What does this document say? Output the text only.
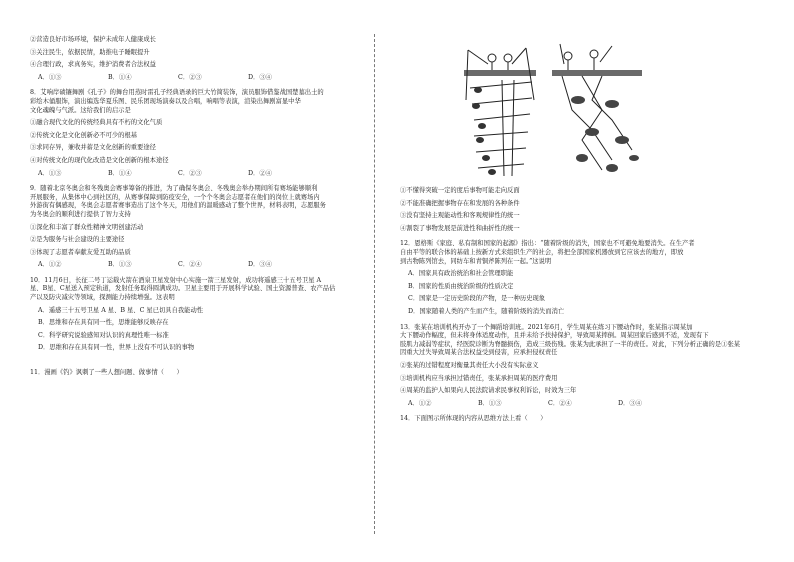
②营造良好市场环境，保护未成年人健康成长

③关注民生，依据民情，助推电子睡眠提升

④合理行政，求真务实，维护消费者合法权益

A．①③	B．①④	C．②③	D．③④

8．艾响岸碛镶舞剧《孔子》的舞台用蒸时雷孔子经典语录的巨大竹简装饰，演员服饰借鉴战国楚墓出土的

彩绘木俑服饰，演出编选华夏乐图、民乐团现场演奏以及合唱，响唱等表演，渲染出舞剧富显中华

文化魂魄与气派。这给我们的启示是

①融合现代文化的传统经典具有不朽的文化气质

②传统文化是文化创新必不可少的根基

③求同存异，兼收并蓄是文化创新的重要途径

④对传统文化的现代化改造是文化创新的根本途径

A．①③	B．①④	C．②③	D．②④

9．随着北京冬奥会和冬残奥会赛事筹备的推进，为了确保冬奥会、冬残奥会举办期间所有赛场能够顺利

开展服务，从集体中心到社区的，从赛事保障到防疫安全，一个个冬奥会志愿者在他们的岗位上就赛场内

外游街有偶感现，冬奥会志愿者赛事造出了这个冬天，用他们的温暖感动了整个世界，材料表明，志愿服务

为冬奥会的顺利进行提供了智力支持

①深化和丰富了群众性精神文明创建活动

②是为服务与社会建设的主要途径

③体现了志愿者奉献友爱互助的品质

A．①②	B．①③	C．②④	D．③④

10．11月6日，长征二号丁运载火箭在酒泉卫星发射中心实施一箭三星发射，成功将遥感三十五号卫星 A

星、B星、C星送入预定轨道，发射任务取得圆满成功。卫星主要用于开展科学试验、国土资源普查、农产品估

产以及防灾减灾等领域，探测能力持续增强。这表明

A．遥感三十五号卫星 A 星、B 星、C 星已切具自我能动性

B．思维和存在具有同一性，思维能够反映存在

C．科学研究说验感知对认识的真理性唯一标准

D．思维和存在具有同一性，世界上没有不可认识的事物

11．漫画《钓》讽刺了一些人想问题、做事情（　　）

①不懂得突破一定的度后事物可能走向反面

②不能准确把握事物存在和发展的各种条件

③没有坚持主观能动性和客观规律性的统一

④割裂了事物发展是前进性和曲折性的统一

12．恩格斯《家庭、私有制和国家的起源》指出：“随着阶级的消失，国家也不可避免地要消失。在生产者

自由平等的联合体的基础上按新方式来组织生产的社会，将把全部国家机器放到它应该去的地方，即放

到古物陈列馆去，同纺车和青铜斧陈列在一起。”这说明

A．国家具有政治统治和社会管理职能

B．国家的性质由统治阶级的性质决定

C．国家是一定历史阶段的产物，是一种历史现象

D．国家随着人类的产生而产生，随着阶级的消失而消亡

13．张某在培训机构开办了一个舞蹈培训班。2021年6月，学生周某在练习下腰动作时，张某指示周某加

大下腰动作幅度，但未将身体适度动作，且并未给予扶持保护，导致周某摔倒。周某回家后感到不适，发现有下

肢肌力减弱等症状，经医院诊断为脊髓损伤，造成三级伤残。张某为此承担了一半的责任。对此，下列分析正确的是①张某

因重大过失导致周某合法权益受到侵害，应承担侵权责任

②张某的过错程度对衡量其责任大小没有实际意义

③培训机构应当承担过错责任，张某承担周某的医疗费用

④周某的监护人如果向人民法院请求民事权利诉讼，时效为三年

A．①②	B．①③	C．②④	D．③④

14．下面图示所体现的内容从思维方法上看（　　）
